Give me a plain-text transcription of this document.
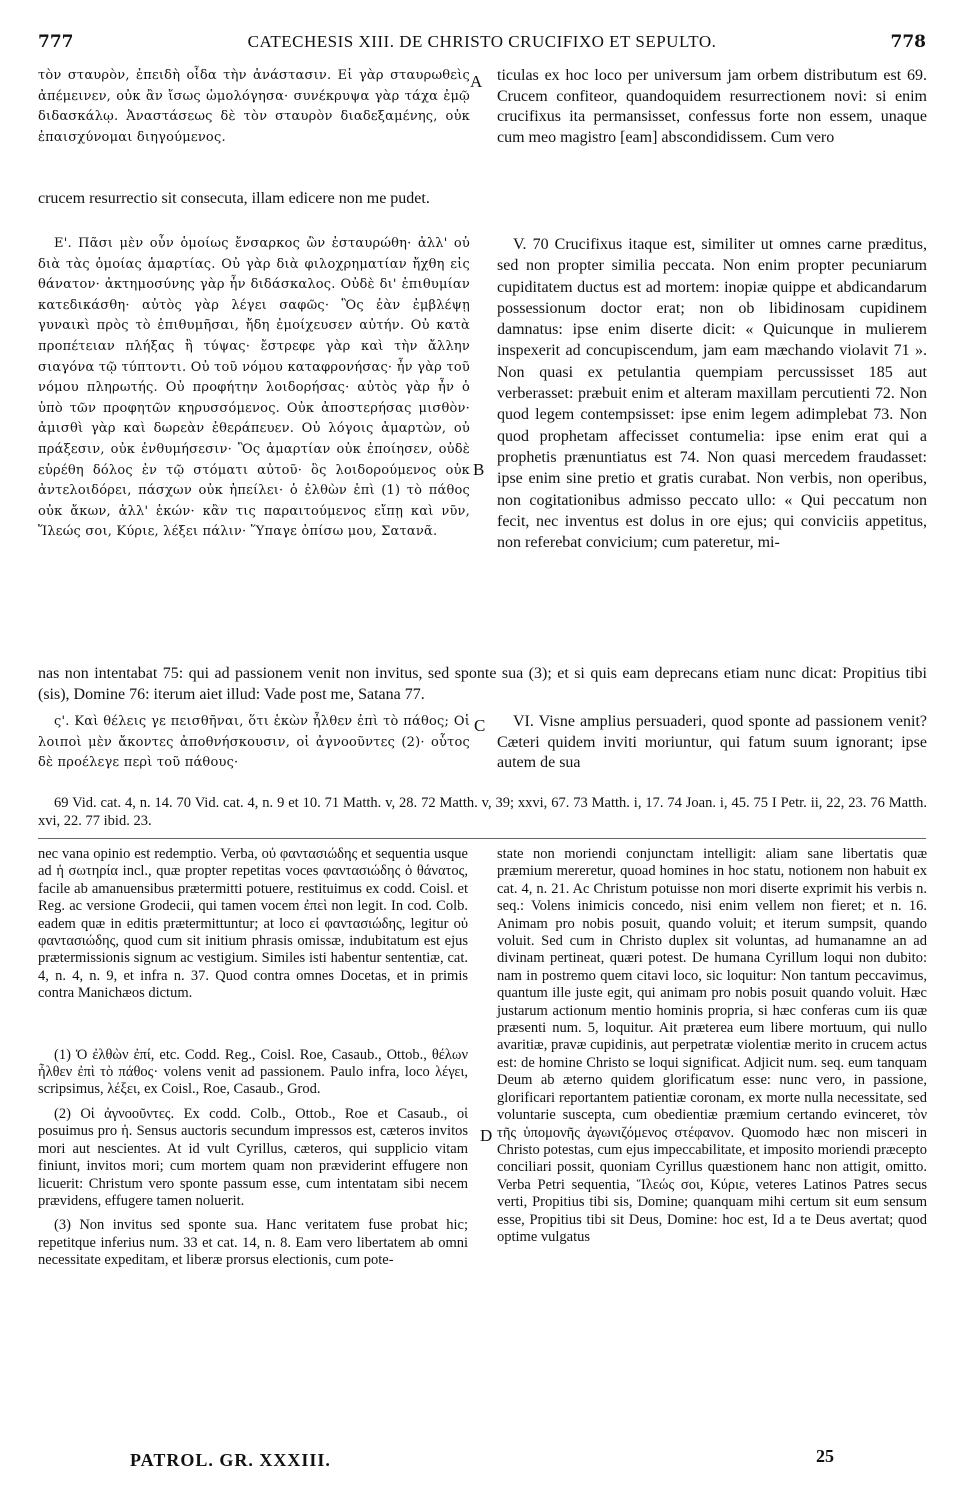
777	CATECHESIS XIII. DE CHRISTO CRUCIFIXO ET SEPULTO.	778

τὸν σταυρὸν, ἐπειδὴ οἶδα τὴν ἀνάστασιν. Εἰ γὰρ σταυρωθεὶς ἀπέμεινεν, οὐκ ἂν ἴσως ὡμολόγησα· συνέκρυψα γὰρ τάχα ἐμῷ διδασκάλῳ. Ἀναστάσεως δὲ τὸν σταυρὸν διαδεξαμένης, οὐκ ἐπαισχύνομαι διηγούμενος.

A ticulas ex hoc loco per universum jam orbem distributum est 69. Crucem confiteor, quandoquidem resurrectionem novi: si enim crucifixus ita permansisset, confessus forte non essem, unaque cum meo magistro [eam] abscondidissem. Cum vero

crucem resurrectio sit consecuta, illam edicere non me pudet.

Ε'. Πᾶσι μὲν οὖν ὁμοίως ἔνσαρκος ὢν ἐσταυρώθη· ἀλλ' οὐ διὰ τὰς ὁμοίας ἁμαρτίας. Οὐ γὰρ διὰ φιλοχρηματίαν ἤχθη εἰς θάνατον· ἀκτημοσύνης γὰρ ἦν διδάσκαλος. Οὐδὲ δι' ἐπιθυμίαν κατεδικάσθη· αὐτὸς γὰρ λέγει σαφῶς· Ὃς ἐὰν ἐμβλέψῃ γυναικὶ πρὸς τὸ ἐπιθυμῆσαι, ἤδη ἐμοίχευσεν αὐτήν. Οὐ κατὰ προπέτειαν πλήξας ἢ τύψας· ἔστρεφε γὰρ καὶ τὴν ἄλλην σιαγόνα τῷ τύπτοντι. Οὐ τοῦ νόμου καταφρονήσας· ἦν γὰρ τοῦ νόμου πληρωτής. Οὐ προφήτην λοιδορήσας· αὐτὸς γὰρ ἦν ὁ ὑπὸ τῶν προφητῶν κηρυσσόμενος. Οὐκ ἀποστερήσας μισθὸν· ἀμισθὶ γὰρ καὶ δωρεὰν ἐθεράπευεν. Οὐ λόγοις ἁμαρτὼν, οὐ πράξεσιν, οὐκ ἐνθυμήσεσιν· Ὃς ἁμαρτίαν οὐκ ἐποίησεν, οὐδὲ εὑρέθη δόλος ἐν τῷ στόματι αὐτοῦ· ὃς λοιδορούμενος οὐκ ἀντελοιδόρει, πάσχων οὐκ ἠπείλει· ὁ ἐλθὼν ἐπὶ (1) τὸ πάθος οὐκ ἄκων, ἀλλ' ἑκών· κἂν τις παραιτούμενος εἴπῃ καὶ νῦν, Ἵλεώς σοι, Κύριε, λέξει πάλιν· Ὕπαγε ὀπίσω μου, Σατανᾶ.

B

V. 70 Crucifixus itaque est, similiter ut omnes carne præditus, sed non propter similia peccata. Non enim propter pecuniarum cupiditatem ductus est ad mortem: inopiæ quippe et abdicandarum possessionum doctor erat; non ob libidinosam cupidinem damnatus: ipse enim diserte dicit: « Quicunque in mulierem inspexerit ad concupiscendum, jam eam mæchando violavit 71 ». Non quasi ex petulantia quempiam percussisset 185 aut verberasset: præbuit enim et alteram maxillam percutienti 72. Non quod legem contempsisset: ipse enim legem adimplebat 73. Non quod prophetam affecisset contumelia: ipse enim erat qui a prophetis prænuntiatus est 74. Non quasi mercedem fraudasset: ipse enim sine pretio et gratis curabat. Non verbis, non operibus, non cogitationibus admisso peccato ullo: « Qui peccatum non fecit, nec inventus est dolus in ore ejus; qui conviciis appetitus, non referebat convicium; cum pateretur, mi-

nas non intentabat 75: qui ad passionem venit non invitus, sed sponte sua (3); et si quis eam deprecans etiam nunc dicat: Propitius tibi (sis), Domine 76: iterum aiet illud: Vade post me, Satana 77.

ς'. Καὶ θέλεις γε πεισθῆναι, ὅτι ἑκὼν ἦλθεν ἐπὶ τὸ πάθος; Οἱ λοιποὶ μὲν ἄκοντες ἀποθνήσκουσιν, οἱ ἀγνοοῦντες (2)· οὗτος δὲ προέλεγε περὶ τοῦ πάθους·

C	VI. Visne amplius persuaderi, quod sponte ad passionem venit? Cæteri quidem inviti moriuntur, qui fatum suum ignorant; ipse autem de sua

69 Vid. cat. 4, n. 14. 70 Vid. cat. 4, n. 9 et 10. 71 Matth. v, 28. 72 Matth. v, 39; xxvi, 67. 73 Matth. i, 17. 74 Joan. i, 45. 75 I Petr. ii, 22, 23. 76 Matth. xvi, 22. 77 ibid. 23.

nec vana opinio est redemptio. Verba, οὐ φαντασιώδης et sequentia usque ad ἡ σωτηρία incl., quæ propter repetitas voces φαντασιώδης ὁ θάνατος, facile ab amanuensibus prætermitti potuere, restituimus ex codd. Coisl. et Reg. ac versione Grodecii, qui tamen vocem ἐπεὶ non legit. In cod. Colb. eadem quæ in editis prætermittuntur; at loco εἰ φαντασιώδης, legitur οὐ φαντασιώδης, quod cum sit initium phrasis omissæ, indubitatum est ejus prætermissionis signum ac vestigium. Similes isti habentur sententiæ, cat. 4, n. 4, n. 9, et infra n. 37. Quod contra omnes Docetas, et in primis contra Manichæos dictum.

(1) Ὁ ἐλθὼν ἐπί, etc. Codd. Reg., Coisl. Roe, Casaub., Ottob., θέλων ἦλθεν ἐπὶ τὸ πάθος· volens venit ad passionem. Paulo infra, loco λέγει, scripsimus, λέξει, ex Coisl., Roe, Casaub., Grod.

(2) Οἱ ἀγνοοῦντες. Ex codd. Colb., Ottob., Roe et Casaub., οἱ posuimus pro ἡ. Sensus auctoris secundum impressos est, cæteros invitos mori aut nescientes. At id vult Cyrillus, cæteros, qui supplicio vitam finiunt, invitos mori; cum mortem quam non præviderint effugere non licuerit: Christum vero sponte passum esse, cum intentatam sibi necem prævidens, effugere tamen noluerit.

(3) Non invitus sed sponte sua. Hanc veritatem fuse probat hic; repetitque inferius num. 33 et cat. 14, n. 8. Eam vero libertatem ab omni necessitate expeditam, et liberæ prorsus electionis, cum pote-

D

state non moriendi conjunctam intelligit: aliam sane libertatis quæ præmium mereretur, quoad homines in hoc statu, notionem non habuit ex cat. 4, n. 21. Ac Christum potuisse non mori diserte exprimit his verbis n. seq.: Volens inimicis concedo, nisi enim vellem non fieret; et n. 16. Animam pro nobis posuit, quando voluit; et iterum sumpsit, quando voluit. Sed cum in Christo duplex sit voluntas, ad humanamne an ad divinam pertineat, quæri potest. De humana Cyrillum loqui non dubito: nam in postremo quem citavi loco, sic loquitur: Non tantum peccavimus, quantum ille juste egit, qui animam pro nobis posuit quando voluit. Hæc justarum actionum mentio hominis propria, si hæc conferas cum iis quæ præsenti num. 5, loquitur. Ait præterea eum libere mortuum, qui nullo avaritiæ, pravæ cupidinis, aut perpetratæ violentiæ merito in crucem actus est: de homine Christo se loqui significat. Adjicit num. seq. eum tanquam Deum ab æterno quidem glorificatum esse: nunc vero, in passione, glorificari reportantem patientiæ coronam, ex morte nulla necessitate, sed voluntarie suscepta, cum obedientiæ præmium certando evinceret, τὸν τῆς ὑπομονῆς ἀγωνιζόμενος στέφανον. Quomodo hæc non misceri in Christo potestas, cum ejus impeccabilitate, et imposito moriendi præcepto conciliari possit, quoniam Cyrillus quæstionem hanc non attigit, omitto. Verba Petri sequentia, Ἵλεώς σοι, Κύριε, veteres Latinos Patres secus verti, Propitius tibi sis, Domine; quanquam mihi certum sit eum sensum esse, Propitius tibi sit Deus, Domine: hoc est, Id a te Deus avertat; quod optime vulgatus

PATROL. GR. XXXIII.	25
